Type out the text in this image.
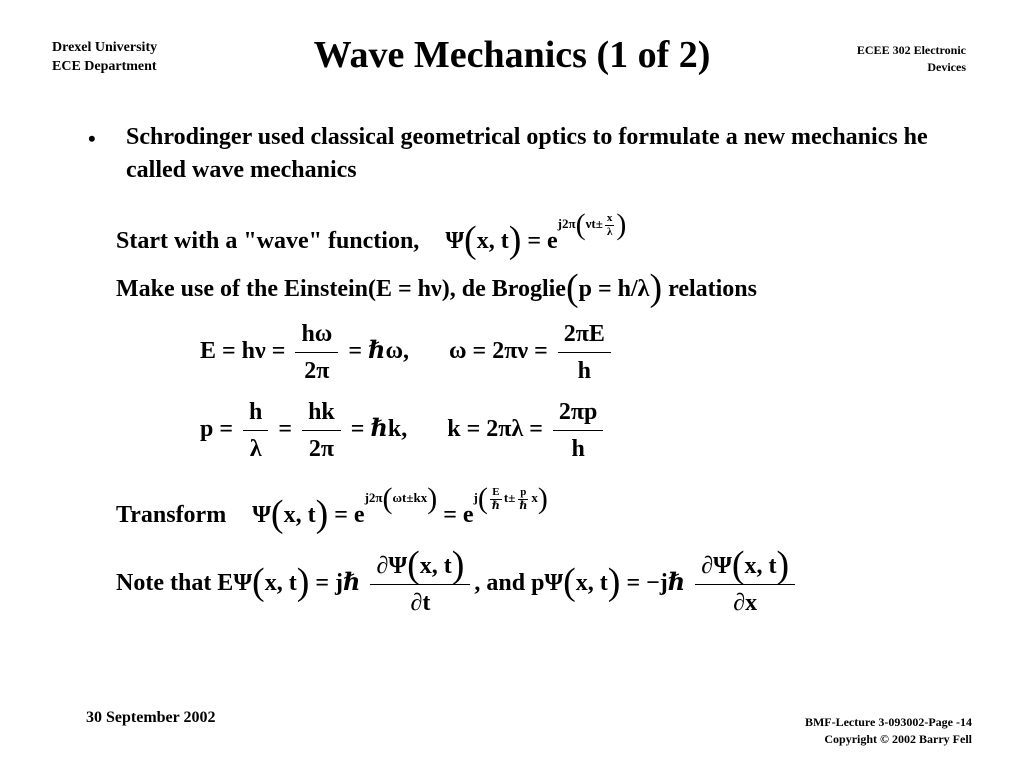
Drexel University
ECE Department	Wave Mechanics (1 of 2)	ECEE 302 Electronic
Devices
• Schrodinger used classical geometrical optics to formulate a new mechanics he called wave mechanics
Start with a "wave" function, Ψ(x, $t) = e^{j2\pi(\nu t\pm \frac{x}{\lambda} )}$
Make use of the Einstein(E = hν), de Broglie(p = h/λ) relations
$E = h\nu = \frac{h\omega}{2\pi}$ = ℏω, $\omega = 2\pi\nu = \frac{2\pi E}{h}$
$p = \frac{h}{\lambda} = \frac{hk}{2\pi}$ = ℏk, $k = 2\pi\lambda = \frac{2\pi p}{h}$
Transform Ψ(x, $t) = e^{j2\pi(\omega t\pm kx)} = e^{j( \frac{E}{\text{ℏ}} t\pm \frac{p}{\text{ℏ}} x)}$
Note that EΨ(x, t) = jℏ $\frac{\partial\Psi(x, t)}{\partial t}$ , and pΨ(x, t) = −jℏ $\frac{\partial\Psi(x, t)}{\partial x}$
30 September 2002	BMF-Lecture 3-093002-Page -14
Copyright © 2002 Barry Fell
